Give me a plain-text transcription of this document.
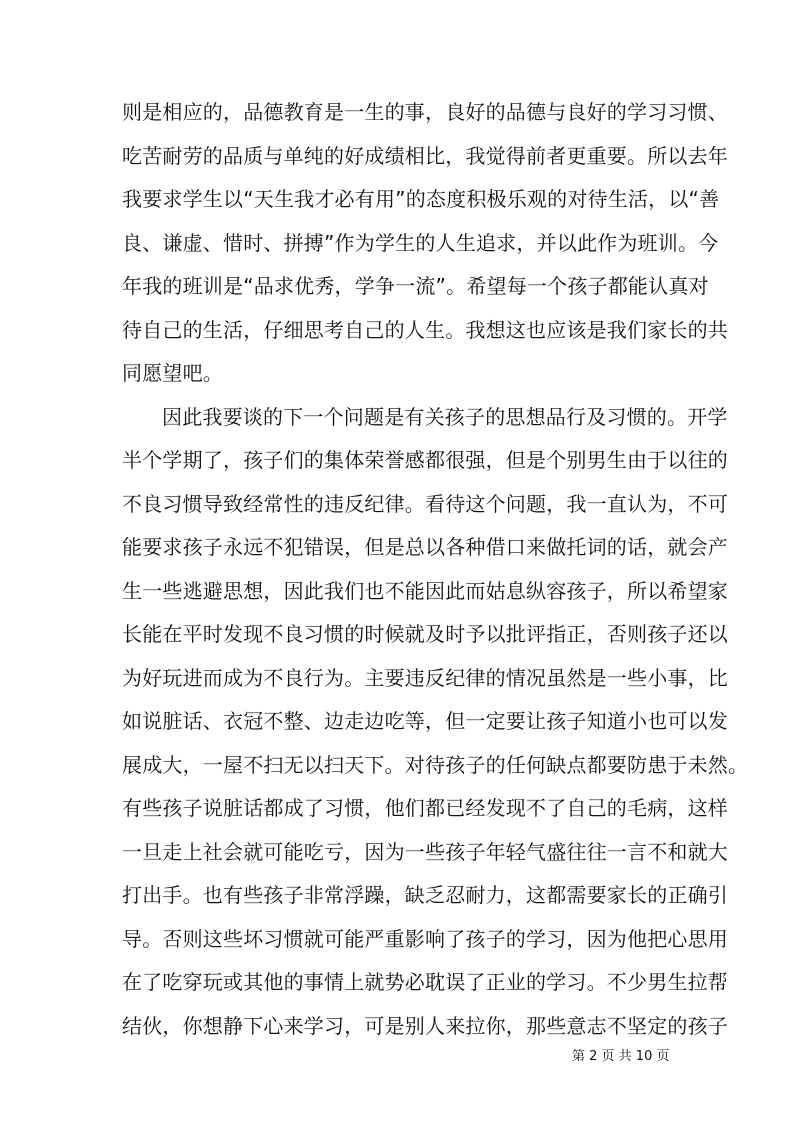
则是相应的，品德教育是一生的事，良好的品德与良好的学习习惯、
吃苦耐劳的品质与单纯的好成绩相比，我觉得前者更重要。所以去年
我要求学生以“天生我才必有用”的态度积极乐观的对待生活，以“善
良、谦虚、惜时、拼搏”作为学生的人生追求，并以此作为班训。今
年我的班训是“品求优秀，学争一流”。希望每一个孩子都能认真对
待自己的生活，仔细思考自己的人生。我想这也应该是我们家长的共
同愿望吧。
因此我要谈的下一个问题是有关孩子的思想品行及习惯的。开学
半个学期了，孩子们的集体荣誉感都很强，但是个别男生由于以往的
不良习惯导致经常性的违反纪律。看待这个问题，我一直认为，不可
能要求孩子永远不犯错误，但是总以各种借口来做托词的话，就会产
生一些逃避思想，因此我们也不能因此而姑息纵容孩子，所以希望家
长能在平时发现不良习惯的时候就及时予以批评指正，否则孩子还以
为好玩进而成为不良行为。主要违反纪律的情况虽然是一些小事，比
如说脏话、衣冠不整、边走边吃等，但一定要让孩子知道小也可以发
展成大，一屋不扫无以扫天下。对待孩子的任何缺点都要防患于未然。
有些孩子说脏话都成了习惯，他们都已经发现不了自己的毛病，这样
一旦走上社会就可能吃亏，因为一些孩子年轻气盛往往一言不和就大
打出手。也有些孩子非常浮躁，缺乏忍耐力，这都需要家长的正确引
导。否则这些坏习惯就可能严重影响了孩子的学习，因为他把心思用
在了吃穿玩或其他的事情上就势必耽误了正业的学习。不少男生拉帮
结伙，你想静下心来学习，可是别人来拉你，那些意志不坚定的孩子
第 2 页 共 10 页
